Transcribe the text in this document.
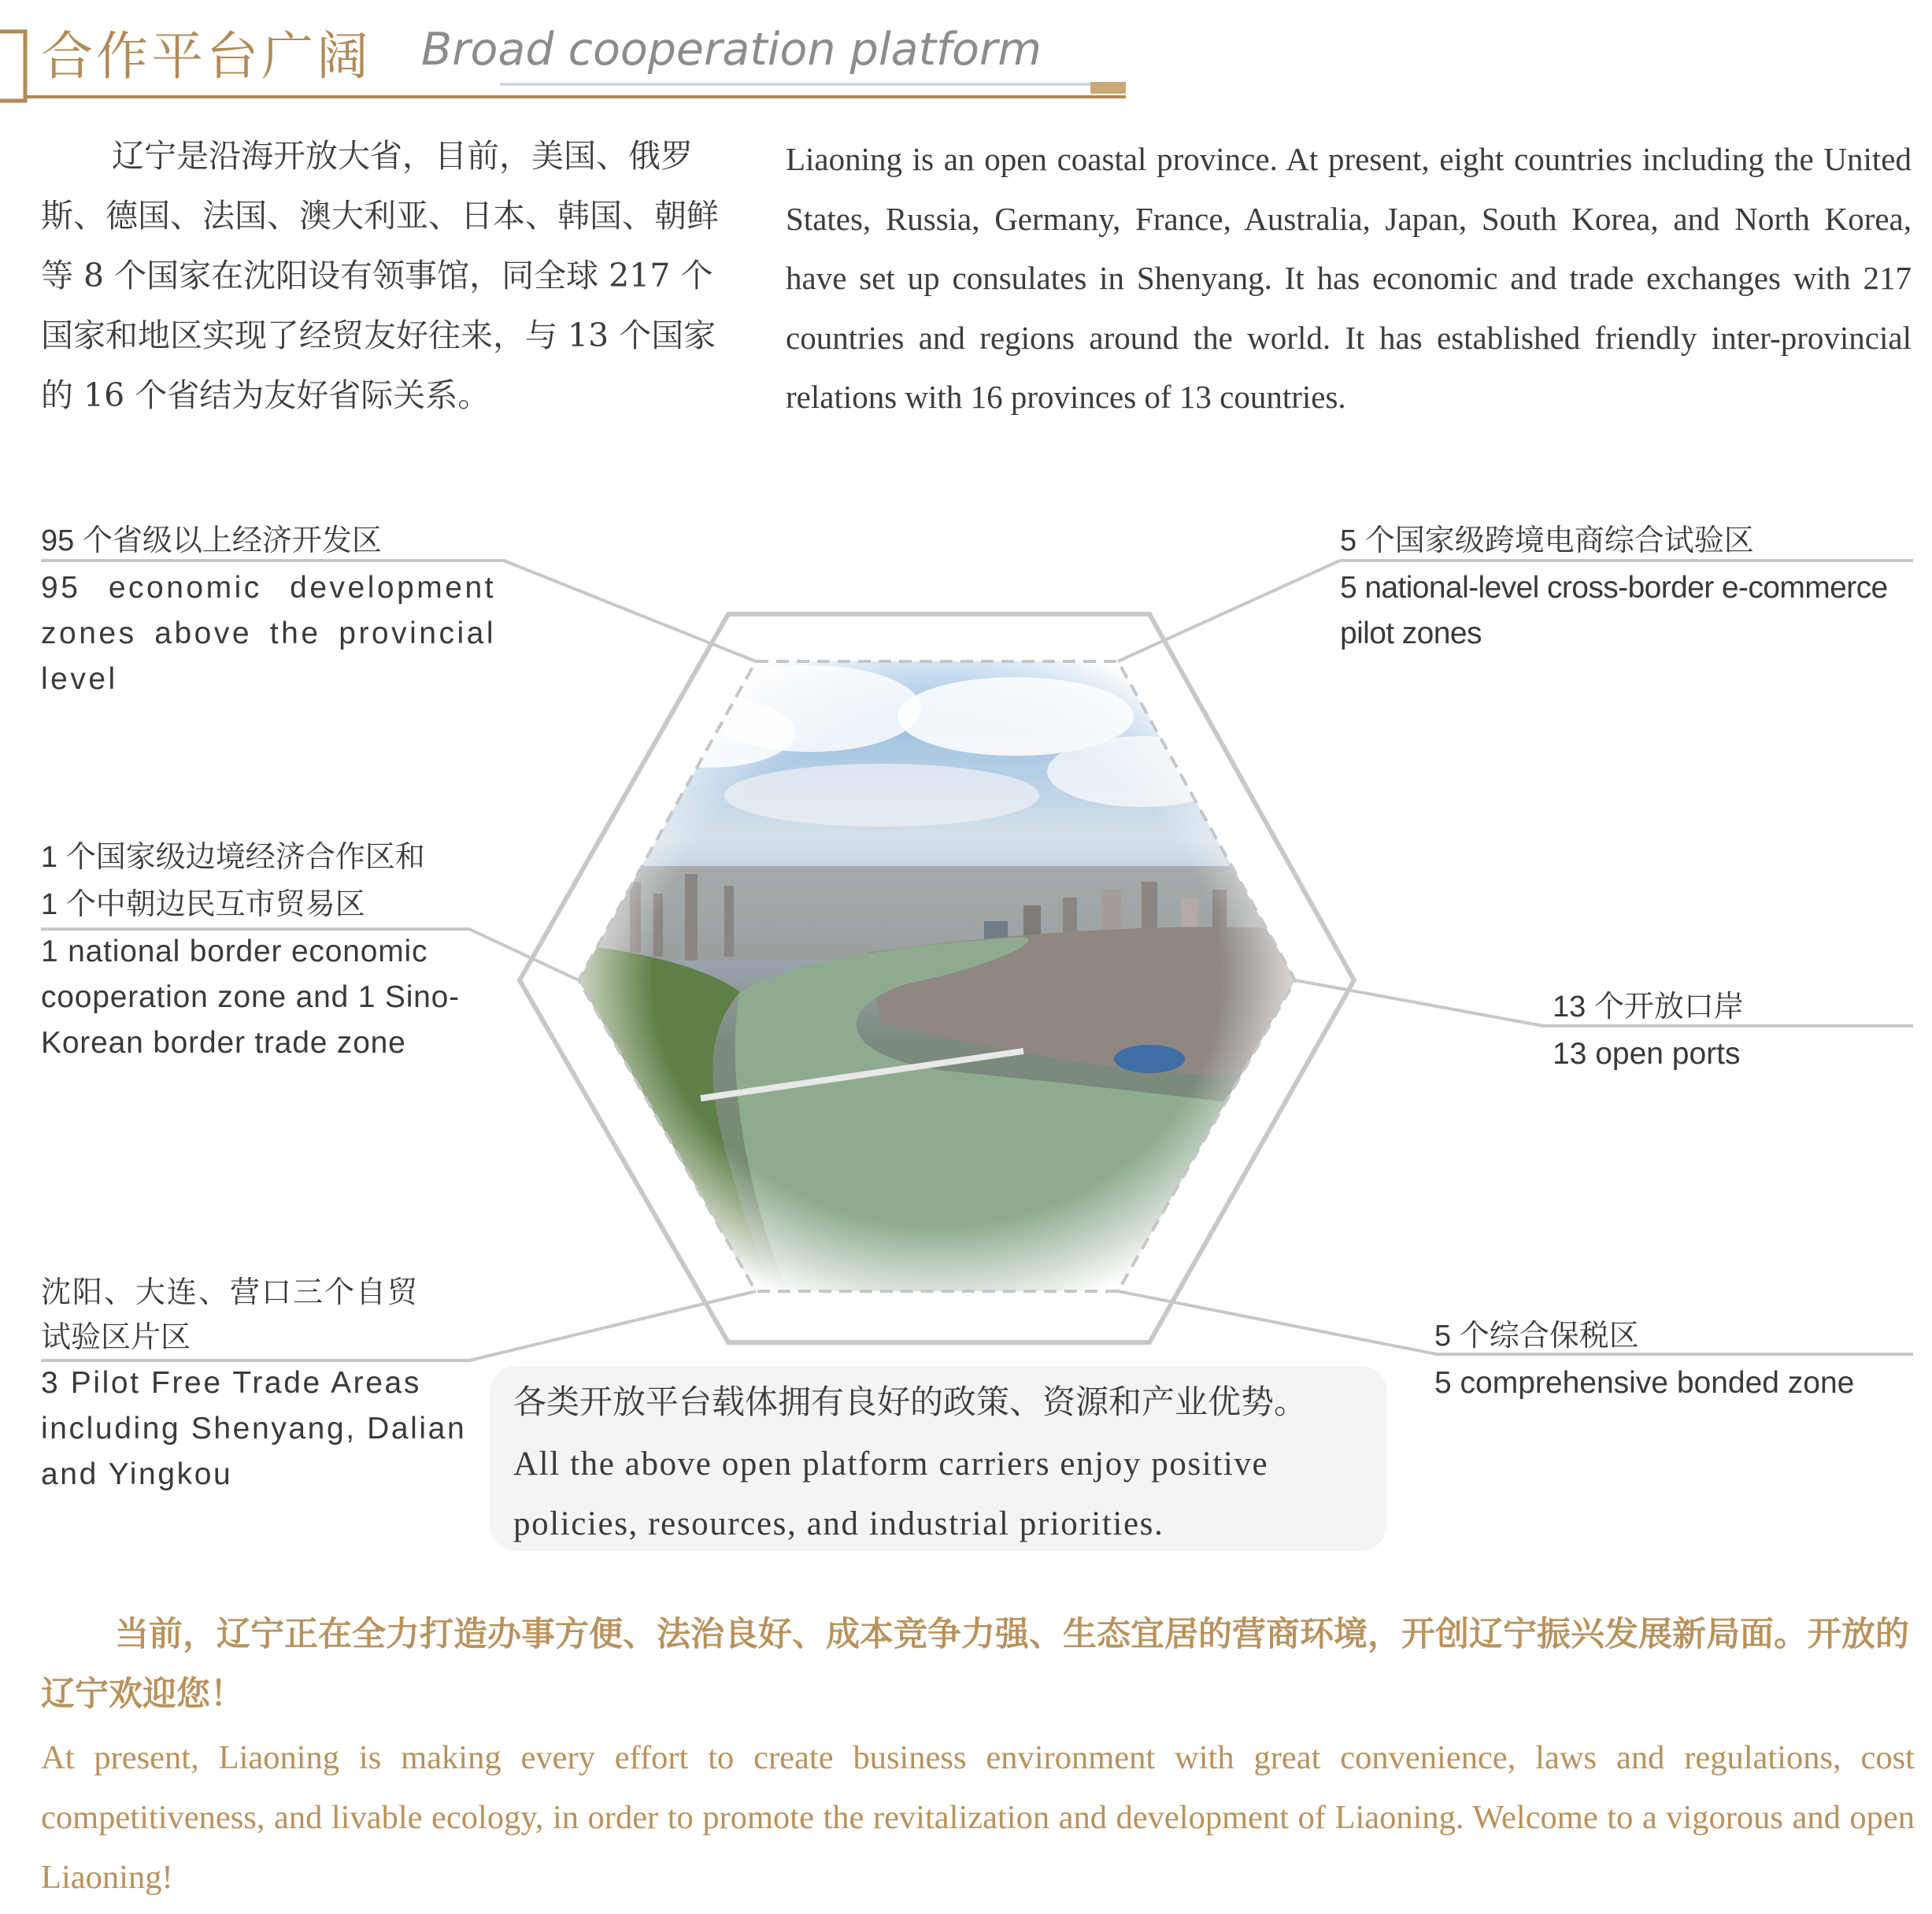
合作平台广阔 Broad cooperation platform
辽宁是沿海开放大省，目前，美国、俄罗斯、德国、法国、澳大利亚、日本、韩国、朝鲜等 8 个国家在沈阳设有领事馆，同全球 217 个国家和地区实现了经贸友好往来，与 13 个国家的 16 个省结为友好省际关系。
Liaoning is an open coastal province. At present, eight countries including the United States, Russia, Germany, France, Australia, Japan, South Korea, and North Korea, have set up consulates in Shenyang. It has economic and trade exchanges with 217 countries and regions around the world. It has established friendly inter-provincial relations with 16 provinces of 13 countries.
95 个省级以上经济开发区
95 economic development zones above the provincial level
1 个国家级边境经济合作区和
1 个中朝边民互市贸易区
1 national border economic cooperation zone and 1 Sino-Korean border trade zone
沈阳、大连、营口三个自贸
试验区片区
3 Pilot Free Trade Areas including Shenyang, Dalian and Yingkou
5 个国家级跨境电商综合试验区
5 national-level cross-border e-commerce pilot zones
13 个开放口岸
13 open ports
5 个综合保税区
5 comprehensive bonded zone
各类开放平台载体拥有良好的政策、资源和产业优势。
All the above open platform carriers enjoy positive policies, resources, and industrial priorities.
当前，辽宁正在全力打造办事方便、法治良好、成本竞争力强、生态宜居的营商环境，开创辽宁振兴发展新局面。开放的辽宁欢迎您！
At present, Liaoning is making every effort to create business environment with great convenience, laws and regulations, cost competitiveness, and livable ecology, in order to promote the revitalization and development of Liaoning. Welcome to a vigorous and open Liaoning!
